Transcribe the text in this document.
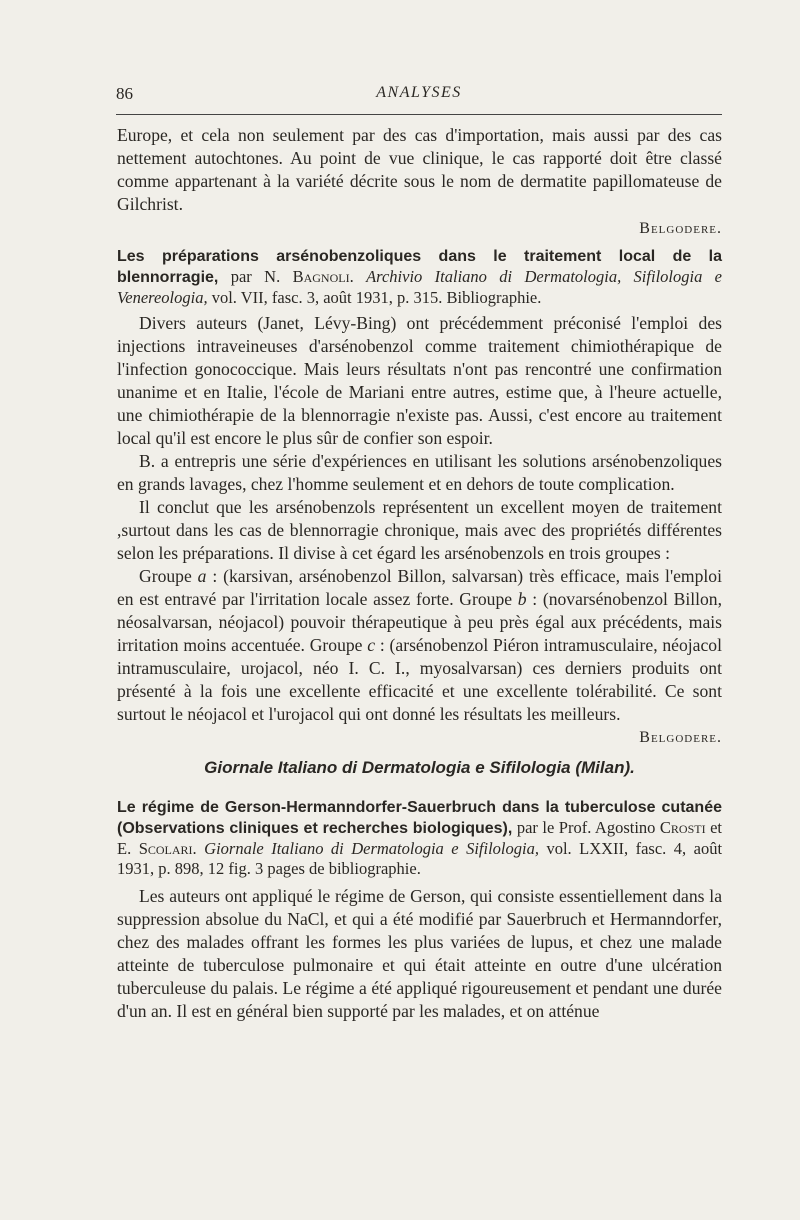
86	ANALYSES

Europe, et cela non seulement par des cas d'importation, mais aussi par des cas nettement autochtones. Au point de vue clinique, le cas rapporté doit être classé comme appartenant à la variété décrite sous le nom de dermatite papillomateuse de Gilchrist.

Belgodere.

Les préparations arsénobenzoliques dans le traitement local de la blennorragie, par N. Bagnoli. Archivio Italiano di Dermatologia, Sifilologia e Venereologia, vol. VII, fasc. 3, août 1931, p. 315. Bibliographie.

Divers auteurs (Janet, Lévy-Bing) ont précédemment préconisé l'emploi des injections intraveineuses d'arsénobenzol comme traitement chimiothérapique de l'infection gonococcique. Mais leurs résultats n'ont pas rencontré une confirmation unanime et en Italie, l'école de Mariani entre autres, estime que, à l'heure actuelle, une chimiothérapie de la blennorragie n'existe pas. Aussi, c'est encore au traitement local qu'il est encore le plus sûr de confier son espoir.

B. a entrepris une série d'expériences en utilisant les solutions arsénobenzoliques en grands lavages, chez l'homme seulement et en dehors de toute complication.

Il conclut que les arsénobenzols représentent un excellent moyen de traitement ,surtout dans les cas de blennorragie chronique, mais avec des propriétés différentes selon les préparations. Il divise à cet égard les arsénobenzols en trois groupes :

Groupe a : (karsivan, arsénobenzol Billon, salvarsan) très efficace, mais l'emploi en est entravé par l'irritation locale assez forte. Groupe b : (novarsénobenzol Billon, néosalvarsan, néojacol) pouvoir thérapeutique à peu près égal aux précédents, mais irritation moins accentuée. Groupe c : (arsénobenzol Piéron intramusculaire, néojacol intramusculaire, urojacol, néo I. C. I., myosalvarsan) ces derniers produits ont présenté à la fois une excellente efficacité et une excellente tolérabilité. Ce sont surtout le néojacol et l'urojacol qui ont donné les résultats les meilleurs.
Belgodere.

Giornale Italiano di Dermatologia e Sifilologia (Milan).

Le régime de Gerson-Hermanndorfer-Sauerbruch dans la tuberculose cutanée (Observations cliniques et recherches biologiques), par le Prof. Agostino Crosti et E. Scolari. Giornale Italiano di Dermatologia e Sifilologia, vol. LXXII, fasc. 4, août 1931, p. 898, 12 fig. 3 pages de bibliographie.

Les auteurs ont appliqué le régime de Gerson, qui consiste essentiellement dans la suppression absolue du NaCl, et qui a été modifié par Sauerbruch et Hermanndorfer, chez des malades offrant les formes les plus variées de lupus, et chez une malade atteinte de tuberculose pulmonaire et qui était atteinte en outre d'une ulcération tuberculeuse du palais. Le régime a été appliqué rigoureusement et pendant une durée d'un an. Il est en général bien supporté par les malades, et on atténue
